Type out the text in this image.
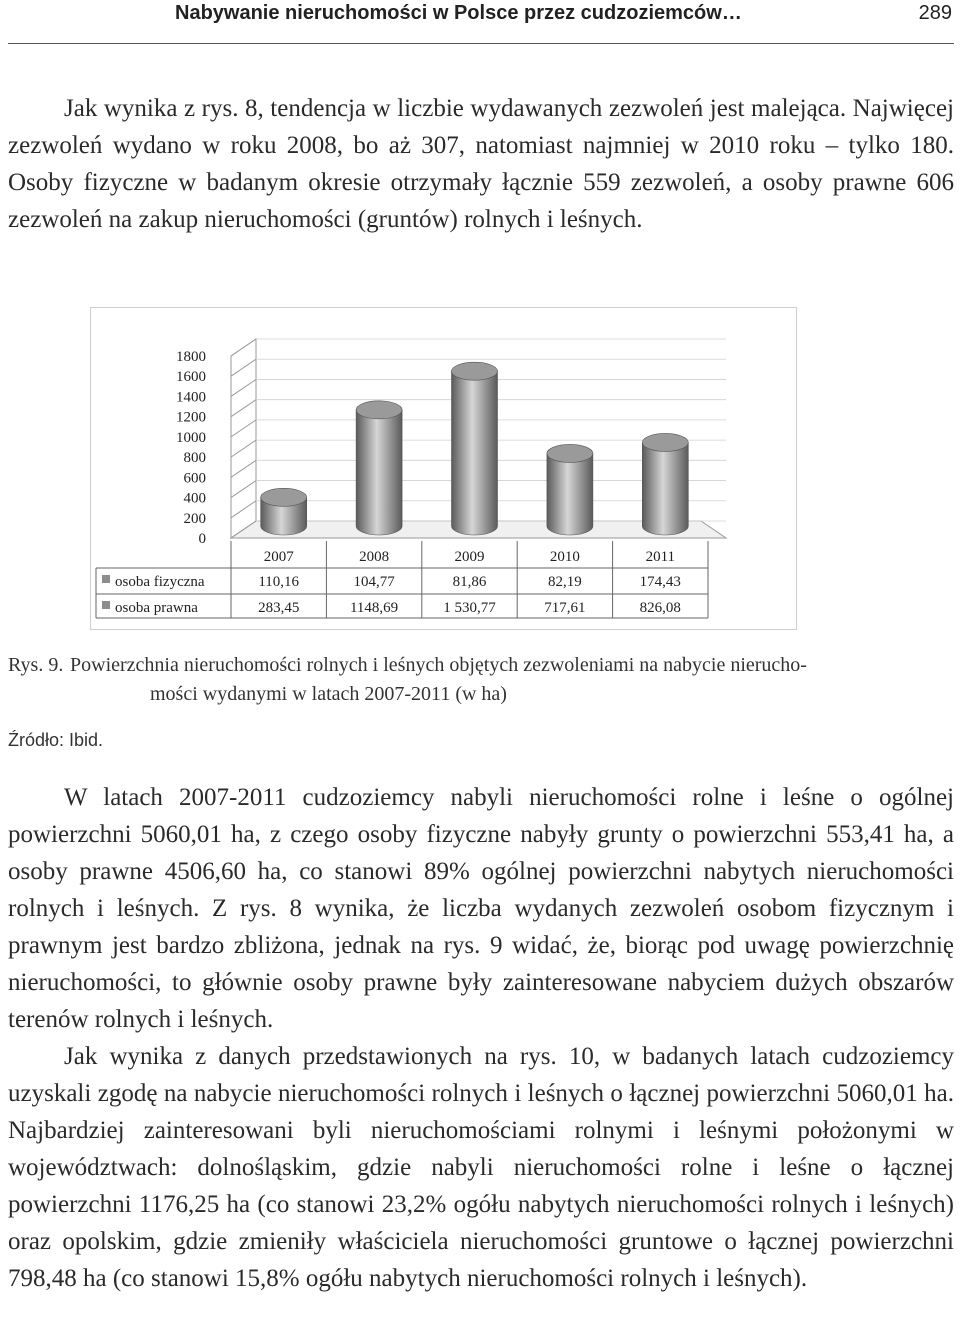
Nabywanie nieruchomości w Polsce przez cudzoziemców…	289

Jak wynika z rys. 8, tendencja w liczbie wydawanych zezwoleń jest malejąca. Najwięcej zezwoleń wydano w roku 2008, bo aż 307, natomiast najmniej w 2010 roku – tylko 180. Osoby fizyczne w badanym okresie otrzymały łącznie 559 zezwoleń, a osoby prawne 606 zezwoleń na zakup nieruchomości (gruntów) rolnych i leśnych.

1800
1600
1400
1200
1000
800
600
400
200
0
2007	2008	2009	2010	2011
osoba fizyczna	110,16	104,77	81,86	82,19	174,43
osoba prawna	283,45	1148,69	1 530,77	717,61	826,08
Rys. 9. Powierzchnia nieruchomości rolnych i leśnych objętych zezwoleniami na nabycie nierucho-
mości wydanymi w latach 2007-2011 (w ha)
Źródło: Ibid.

W latach 2007-2011 cudzoziemcy nabyli nieruchomości rolne i leśne o ogólnej powierzchni 5060,01 ha, z czego osoby fizyczne nabyły grunty o powierzchni 553,41 ha, a osoby prawne 4506,60 ha, co stanowi 89% ogólnej powierzchni nabytych nieruchomości rolnych i leśnych. Z rys. 8 wynika, że liczba wydanych zezwoleń osobom fizycznym i prawnym jest bardzo zbliżona, jednak na rys. 9 widać, że, biorąc pod uwagę powierzchnię nieruchomości, to głównie osoby prawne były zainteresowane nabyciem dużych obszarów terenów rolnych i leśnych.

Jak wynika z danych przedstawionych na rys. 10, w badanych latach cudzoziemcy uzyskali zgodę na nabycie nieruchomości rolnych i leśnych o łącznej powierzchni 5060,01 ha. Najbardziej zainteresowani byli nieruchomościami rolnymi i leśnymi położonymi w województwach: dolnośląskim, gdzie nabyli nieruchomości rolne i leśne o łącznej powierzchni 1176,25 ha (co stanowi 23,2% ogółu nabytych nieruchomości rolnych i leśnych) oraz opolskim, gdzie zmieniły właściciela nieruchomości gruntowe o łącznej powierzchni 798,48 ha (co stanowi 15,8% ogółu nabytych nieruchomości rolnych i leśnych).
